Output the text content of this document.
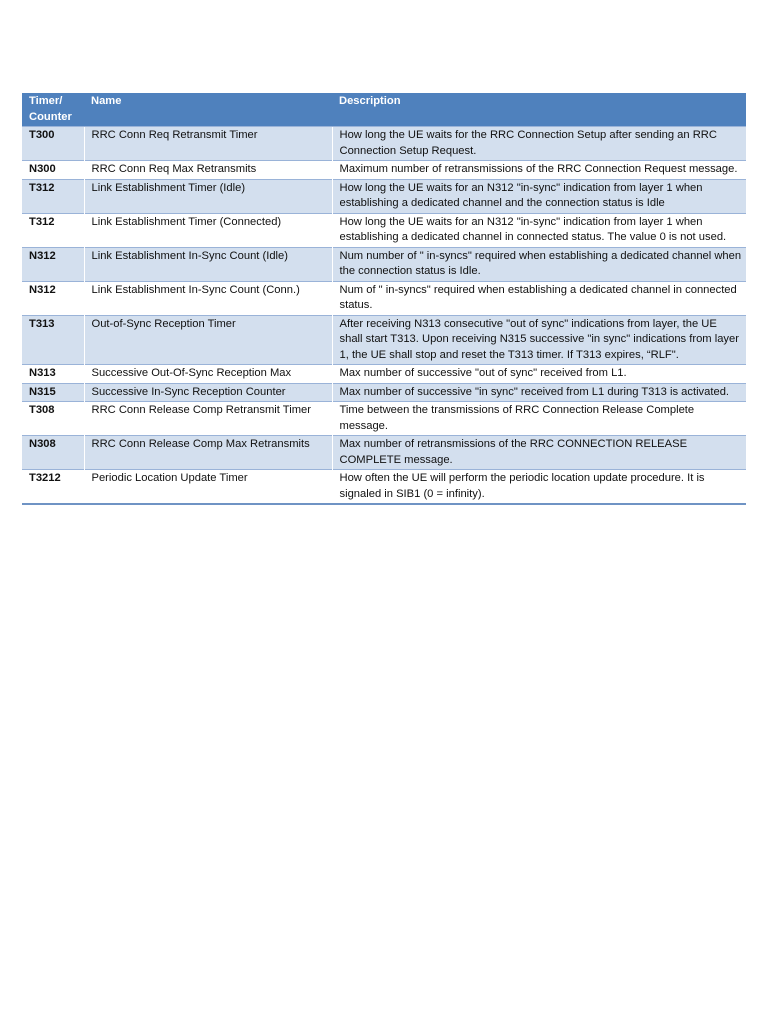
Timer/ Counter	Name	Description
T300	RRC Conn Req Retransmit Timer	How long the UE waits for the RRC Connection Setup after sending an RRC Connection Setup Request.
N300	RRC Conn Req Max Retransmits	Maximum number of retransmissions of the RRC Connection Request message.
T312	Link Establishment Timer (Idle)	How long the UE waits for an N312 "in-sync" indication from layer 1 when establishing a dedicated channel and the connection status is Idle
T312	Link Establishment Timer (Connected)	How long the UE waits for an N312 "in-sync" indication from layer 1 when establishing a dedicated channel in connected status. The value 0 is not used.
N312	Link Establishment In-Sync Count (Idle)	Num number of " in-syncs" required when establishing a dedicated channel when the connection status is Idle.
N312	Link Establishment In-Sync Count (Conn.)	Num of " in-syncs" required when establishing a dedicated channel in connected status.
T313	Out-of-Sync Reception Timer	After receiving N313 consecutive "out of sync" indications from layer, the UE shall start T313. Upon receiving N315 successive "in sync" indications from layer 1, the UE shall stop and reset the T313 timer. If T313 expires, “RLF".
N313	Successive Out-Of-Sync Reception Max	Max number of successive "out of sync" received from L1.
N315	Successive In-Sync Reception Counter	Max number of successive "in sync" received from L1 during T313 is activated.
T308	RRC Conn Release Comp Retransmit Timer	Time between the transmissions of RRC Connection Release Complete message.
N308	RRC Conn Release Comp Max Retransmits	Max number of retransmissions of the RRC CONNECTION RELEASE COMPLETE message.
T3212	Periodic Location Update Timer	How often the UE will perform the periodic location update procedure. It is signaled in SIB1 (0 = infinity).
